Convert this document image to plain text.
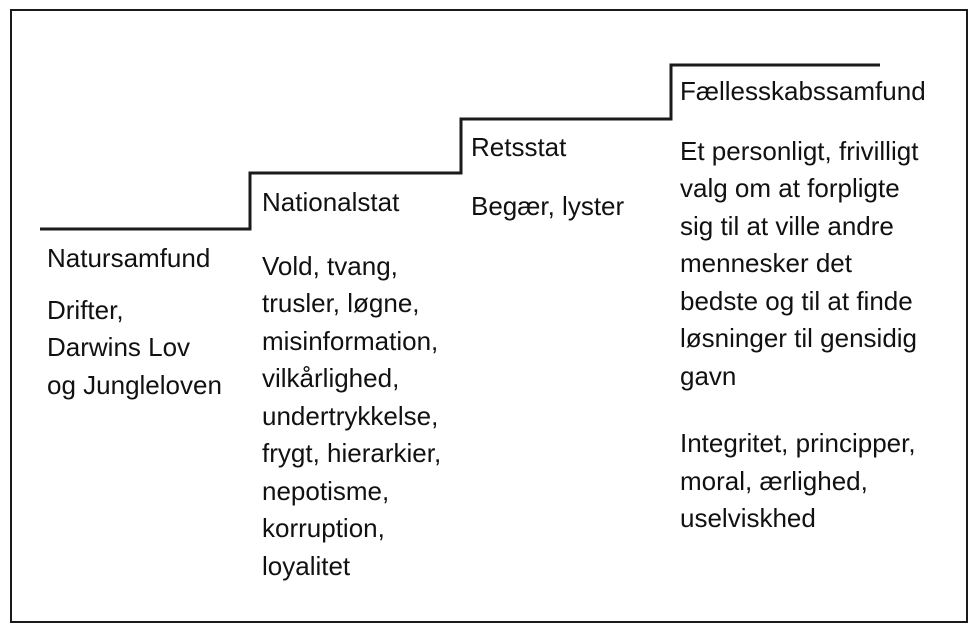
Natursamfund
Drifter,
Darwins Lov
og Jungleloven
Nationalstat
Vold, tvang,
trusler, løgne,
misinformation,
vilkårlighed,
undertrykkelse,
frygt, hierarkier,
nepotisme,
korruption,
loyalitet
Retsstat
Begær, lyster
Fællesskabssamfund
Et personligt, frivilligt
valg om at forpligte
sig til at ville andre
mennesker det
bedste og til at finde
løsninger til gensidig
gavn
Integritet, principper,
moral, ærlighed,
uselviskhed
